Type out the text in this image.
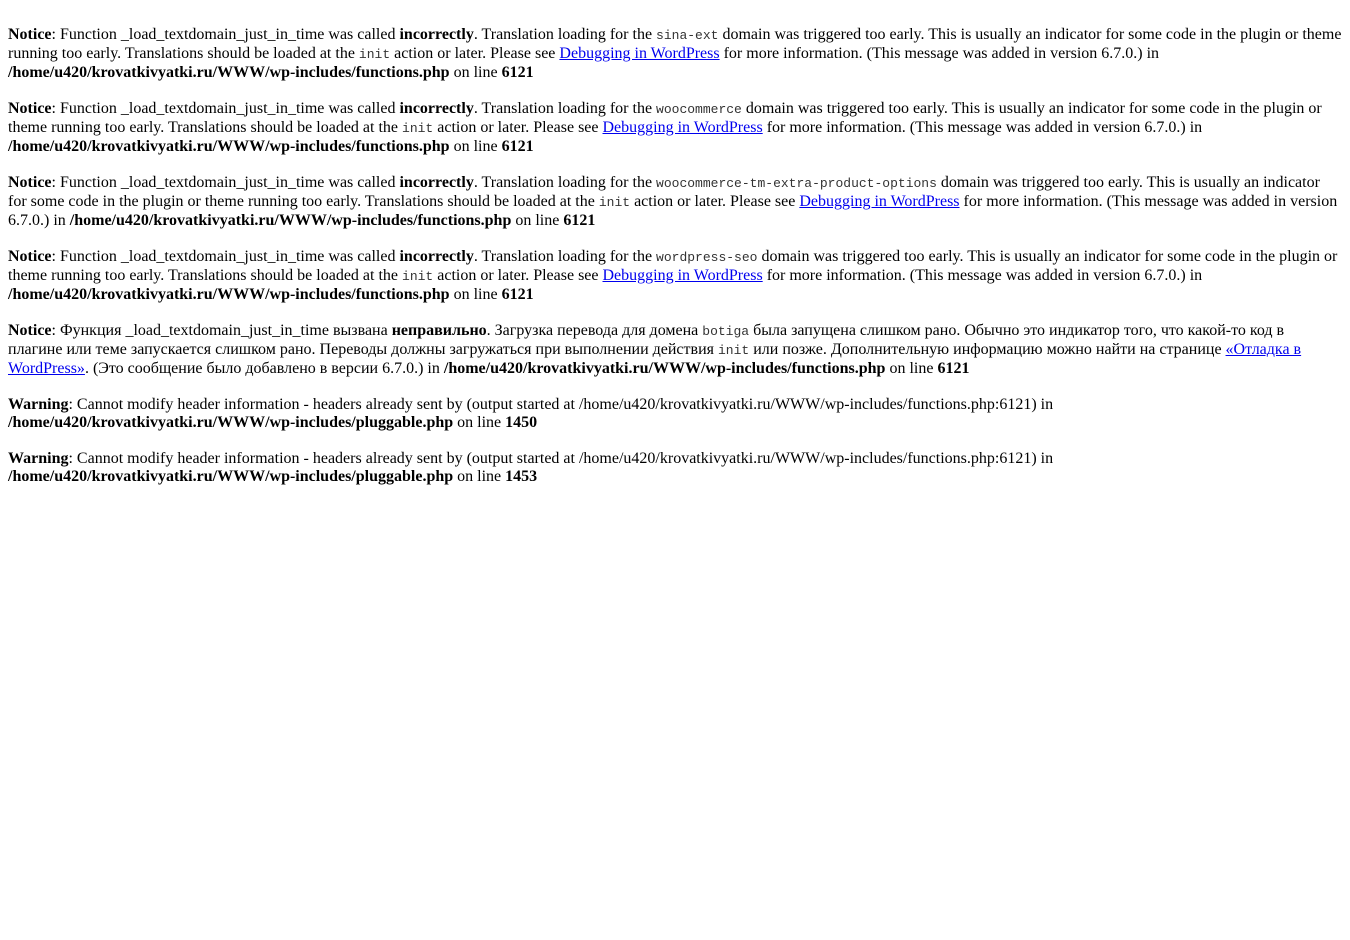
Notice: Function _load_textdomain_just_in_time was called incorrectly. Translation loading for the sina-ext domain was triggered too early. This is usually an indicator for some code in the plugin or theme running too early. Translations should be loaded at the init action or later. Please see Debugging in WordPress for more information. (This message was added in version 6.7.0.) in /home/u420/krovatkivyatki.ru/WWW/wp-includes/functions.php on line 6121
Notice: Function _load_textdomain_just_in_time was called incorrectly. Translation loading for the woocommerce domain was triggered too early. This is usually an indicator for some code in the plugin or theme running too early. Translations should be loaded at the init action or later. Please see Debugging in WordPress for more information. (This message was added in version 6.7.0.) in /home/u420/krovatkivyatki.ru/WWW/wp-includes/functions.php on line 6121
Notice: Function _load_textdomain_just_in_time was called incorrectly. Translation loading for the woocommerce-tm-extra-product-options domain was triggered too early. This is usually an indicator for some code in the plugin or theme running too early. Translations should be loaded at the init action or later. Please see Debugging in WordPress for more information. (This message was added in version 6.7.0.) in /home/u420/krovatkivyatki.ru/WWW/wp-includes/functions.php on line 6121
Notice: Function _load_textdomain_just_in_time was called incorrectly. Translation loading for the wordpress-seo domain was triggered too early. This is usually an indicator for some code in the plugin or theme running too early. Translations should be loaded at the init action or later. Please see Debugging in WordPress for more information. (This message was added in version 6.7.0.) in /home/u420/krovatkivyatki.ru/WWW/wp-includes/functions.php on line 6121
Notice: Функция _load_textdomain_just_in_time вызвана неправильно. Загрузка перевода для домена botiga была запущена слишком рано. Обычно это индикатор того, что какой-то код в плагине или теме запускается слишком рано. Переводы должны загружаться при выполнении действия init или позже. Дополнительную информацию можно найти на странице «Отладка в WordPress». (Это сообщение было добавлено в версии 6.7.0.) in /home/u420/krovatkivyatki.ru/WWW/wp-includes/functions.php on line 6121
Warning: Cannot modify header information - headers already sent by (output started at /home/u420/krovatkivyatki.ru/WWW/wp-includes/functions.php:6121) in /home/u420/krovatkivyatki.ru/WWW/wp-includes/pluggable.php on line 1450
Warning: Cannot modify header information - headers already sent by (output started at /home/u420/krovatkivyatki.ru/WWW/wp-includes/functions.php:6121) in /home/u420/krovatkivyatki.ru/WWW/wp-includes/pluggable.php on line 1453
